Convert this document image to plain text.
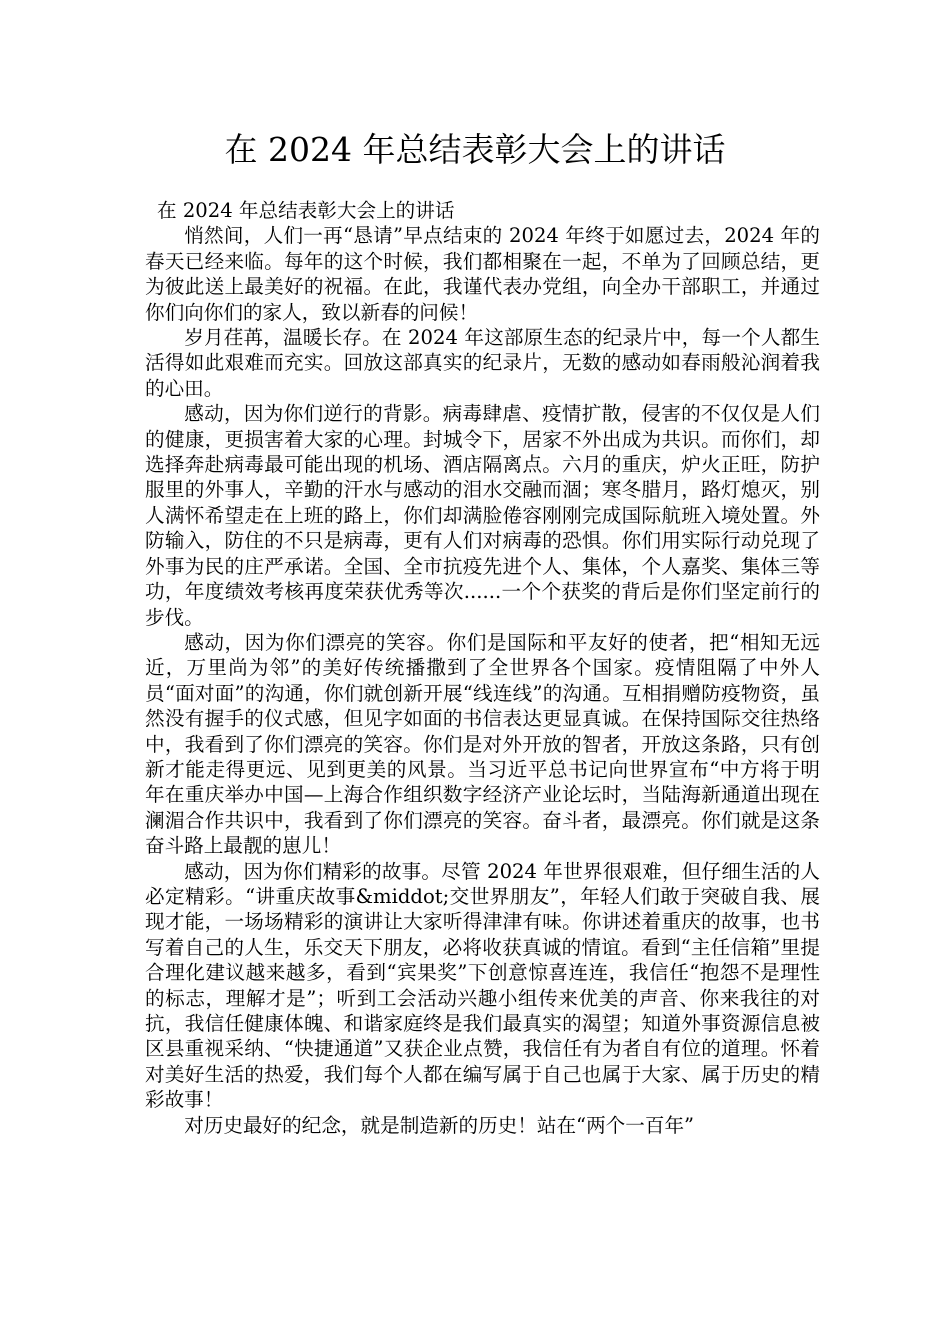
在 2024 年总结表彰大会上的讲话

在 2024 年总结表彰大会上的讲话

悄然间，人们一再“恳请”早点结束的 2024 年终于如愿过去，2024 年的春天已经来临。每年的这个时候，我们都相聚在一起，不单为了回顾总结，更为彼此送上最美好的祝福。在此，我谨代表办党组，向全办干部职工，并通过你们向你们的家人，致以新春的问候！

岁月荏苒，温暖长存。在 2024 年这部原生态的纪录片中，每一个人都生活得如此艰难而充实。回放这部真实的纪录片，无数的感动如春雨般沁润着我的心田。

感动，因为你们逆行的背影。病毒肆虐、疫情扩散，侵害的不仅仅是人们的健康，更损害着大家的心理。封城令下，居家不外出成为共识。而你们，却选择奔赴病毒最可能出现的机场、酒店隔离点。六月的重庆，炉火正旺，防护服里的外事人，辛勤的汗水与感动的泪水交融而涸；寒冬腊月，路灯熄灭，别人满怀希望走在上班的路上，你们却满脸倦容刚刚完成国际航班入境处置。外防输入，防住的不只是病毒，更有人们对病毒的恐惧。你们用实际行动兑现了外事为民的庄严承诺。全国、全市抗疫先进个人、集体，个人嘉奖、集体三等功，年度绩效考核再度荣获优秀等次......一个个获奖的背后是你们坚定前行的步伐。

感动，因为你们漂亮的笑容。你们是国际和平友好的使者，把“相知无远近，万里尚为邻”的美好传统播撒到了全世界各个国家。疫情阻隔了中外人员“面对面”的沟通，你们就创新开展“线连线”的沟通。互相捐赠防疫物资，虽然没有握手的仪式感，但见字如面的书信表达更显真诚。在保持国际交往热络中，我看到了你们漂亮的笑容。你们是对外开放的智者，开放这条路，只有创新才能走得更远、见到更美的风景。当习近平总书记向世界宣布“中方将于明年在重庆举办中国—上海合作组织数字经济产业论坛时，当陆海新通道出现在澜湄合作共识中，我看到了你们漂亮的笑容。奋斗者，最漂亮。你们就是这条奋斗路上最靓的崽儿！

感动，因为你们精彩的故事。尽管 2024 年世界很艰难，但仔细生活的人必定精彩。“讲重庆故事&middot;交世界朋友”，年轻人们敢于突破自我、展现才能，一场场精彩的演讲让大家听得津津有味。你讲述着重庆的故事，也书写着自己的人生，乐交天下朋友，必将收获真诚的情谊。看到“主任信箱”里提合理化建议越来越多，看到“宾果奖”下创意惊喜连连，我信任“抱怨不是理性的标志，理解才是”；听到工会活动兴趣小组传来优美的声音、你来我往的对抗，我信任健康体魄、和谐家庭终是我们最真实的渴望；知道外事资源信息被区县重视采纳、“快捷通道”又获企业点赞，我信任有为者自有位的道理。怀着对美好生活的热爱，我们每个人都在编写属于自己也属于大家、属于历史的精彩故事！

对历史最好的纪念，就是制造新的历史！站在“两个一百年”
